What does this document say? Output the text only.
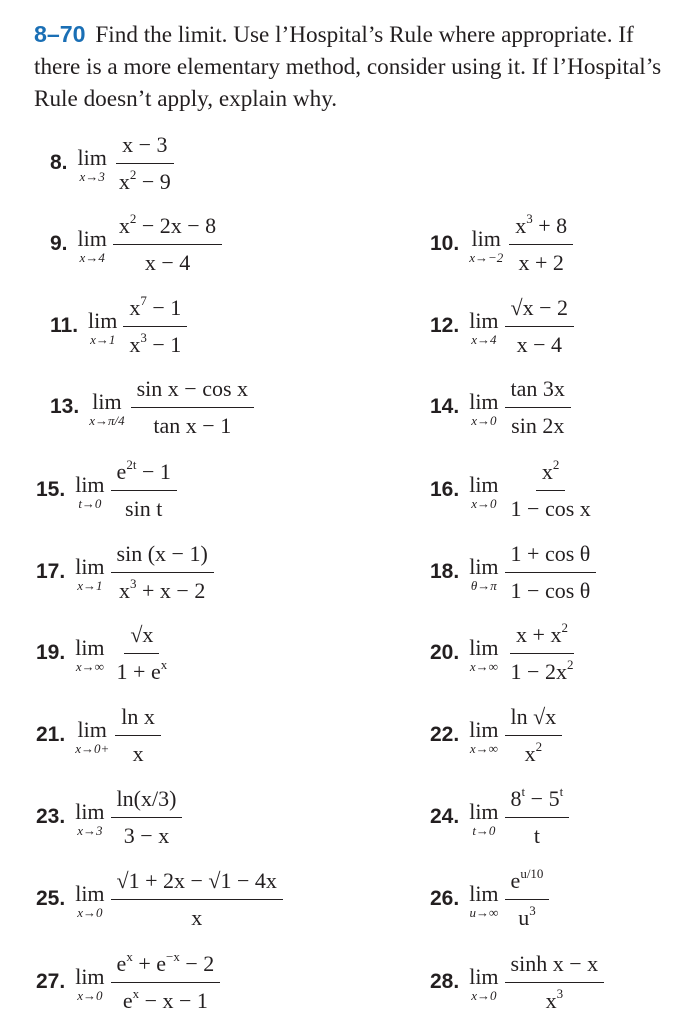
8–70 Find the limit. Use l’Hospital’s Rule where appropriate. If there is a more elementary method, consider using it. If l’Hospital’s Rule doesn’t apply, explain why.
8. lim
$x\to 3 \frac{x - 3}{x^2 - 9}$
9. lim
$x\to 4 \frac{x^2 - 2x - 8}{x - 4}$	10. lim
$x\to-2 \frac{x^3 + 8}{x + 2}$
11. lim
$x\to 1 \frac{x^7 - 1}{x^3 - 1}$	12. lim
$x\to 4 \frac{√x - 2}{x - 4}$
13. lim
$x\to\pi/4 \frac{\text{sin x − cos x}}{\text{tan x − 1}}$	14. lim
$x\to 0 \frac{\tan 3x}{\sin 2x}$
15. lim
$t\to 0 \frac{e^{2t} - 1}{\text{sin t}}$	16. lim
$x\to 0 \frac{x^2}{\text{1 − cos x}}$
17. lim
$x\to 1 \frac{\sin (x - 1)}{x^3 + x - 2}$	18. lim
$\theta\to\pi \frac{\text{1 + cos θ}}{\text{1 − cos θ}}$
19. lim
$x\to\infty \frac{√x}{1 + e^x}$	20. lim
$x\to\infty \frac{x + x^2}{1 - 2x^2}$
21. lim
$x\to 0+ \frac{\text{ln x}}{x}$	22. lim
$x\to\infty \frac{\ln √x}{x^2}$
23. lim
$x\to 3 \frac{\ln(x/3)}{3 - x}$	24. lim
$t\to 0 \frac{8^t - 5^t}{t}$
25. lim
$x\to 0 \frac{√1 + 2x - √1 - 4x}{x}$	26. lim
$u\to\infty \frac{e^{u/10}}{u^3}$
27. lim
$x\to 0 \frac{e^x + e^{-x} - 2}{e^x - x - 1}$	28. lim
$x\to 0 \frac{\text{sinh x − x}}{x^3}$
